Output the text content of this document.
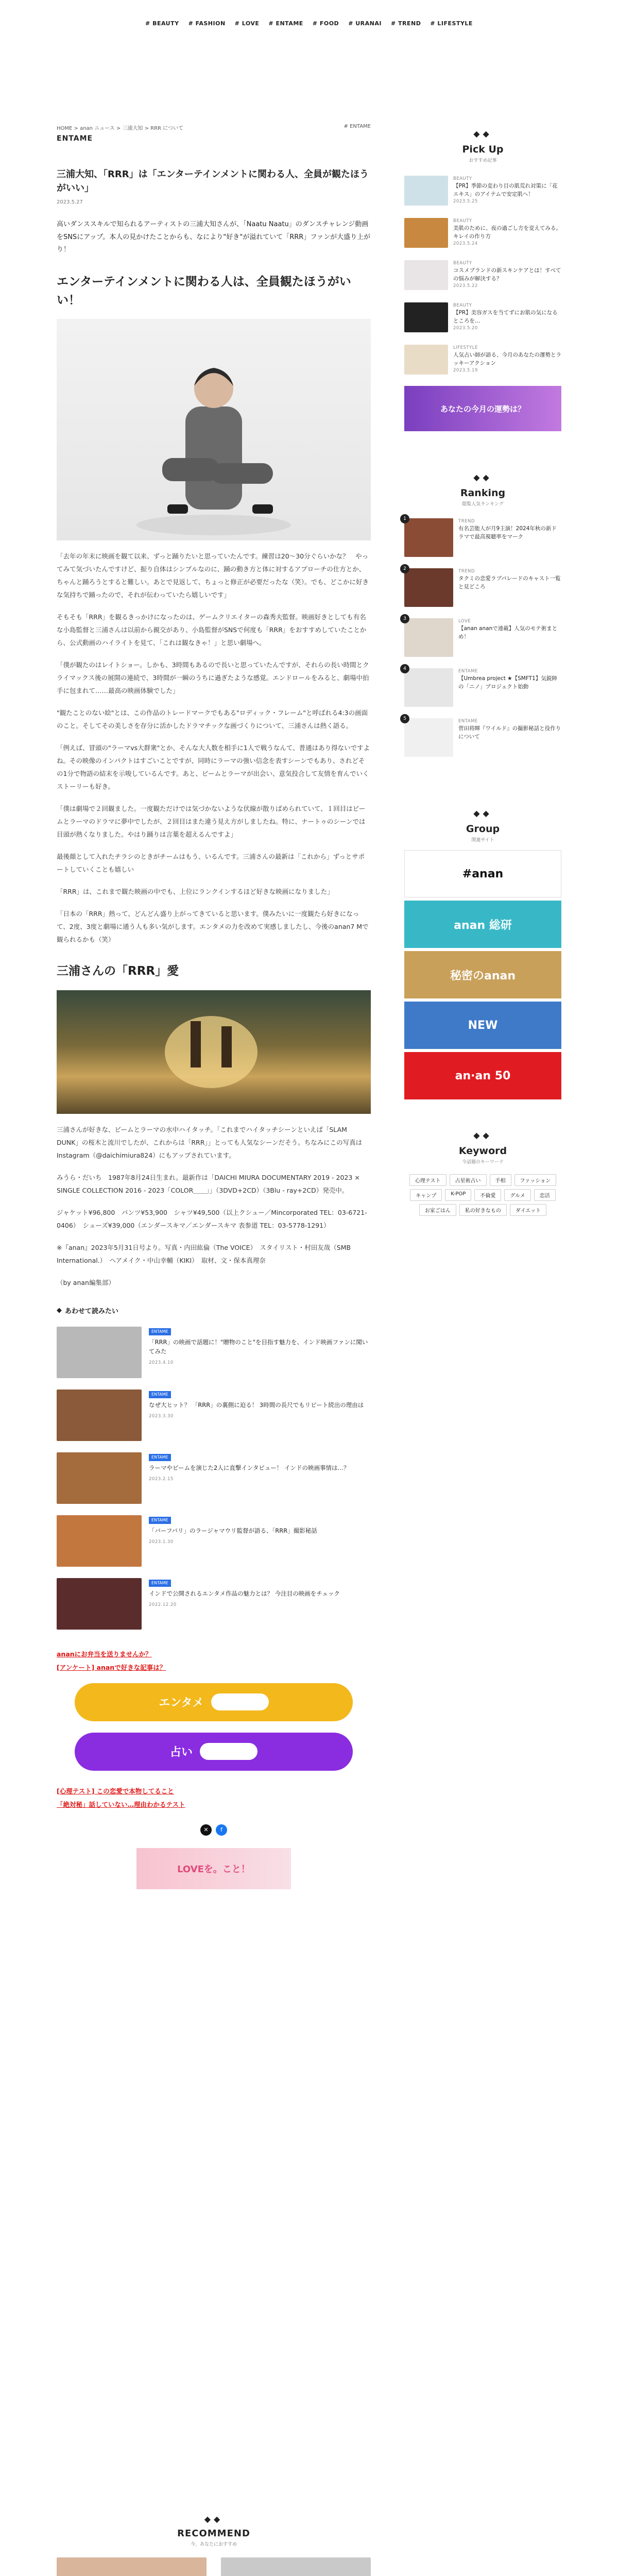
# BEAUTY # FASHION # LOVE # ENTAME # FOOD # URANAI # TREND # LIFESTYLE
HOME > anan ニュース > 三浦大知 > RRR について	# ENTAME
ENTAME
三浦大知、「RRR」は「エンターテインメントに関わる人、全員が観たほうがいい」
2023.5.27

高いダンススキルで知られるアーティストの三浦大知さんが、「Naatu Naatu」のダンスチャレンジ動画をSNSにアップ。本人の見かけたことからも、なにより"好き"が溢れていて「RRR」ファンが大盛り上がり！

エンターテインメントに関わる人は、全員観たほうがいい！

「去年の年末に映画を観て以来、ずっと踊りたいと思っていたんです。練習は20〜30分ぐらいかな？　やってみて気づいたんですけど、振り自体はシンプルなのに、踊の動き方と体に対するアプローチの仕方とか、ちゃんと踊ろうとすると難しい。あとで見返して、ちょっと修正が必要だったな（笑）。でも、どこかに好きな気持ちで踊ったので、それが伝わっていたら嬉しいです」

そもそも「RRR」を観るきっかけになったのは、ゲームクリエイターの森秀夫監督。映画好きとしても有名な小島監督と三浦さんは以前から親交があり、小島監督がSNSで何度も「RRR」をおすすめしていたことから、公式動画のハイライトを見て、「これは観なきゃ！」と思い劇場へ。

「僕が観たのはレイトショー。しかも、3時間もあるので長いと思っていたんですが、それらの長い時間とクライマックス後の展開の連続で、3時間が一瞬のうちに過ぎたような感覚。エンドロールをみると、劇場中拍手に包まれて……最高の映画体験でした」

"観たことのない絵"とは、この作品のトレードマークでもある"ロディック・フレーム"と呼ばれる4:3の画面のこと。そしてその美しさを存分に活かしたドラマチックな画づくりについて、三浦さんは熱く語る。

「例えば、冒頭の"ラーマvs大群衆"とか、そんな大人数を相手に1人で戦うなんて、普通はあり得ないですよね。その映像のインパクトはすごいことですが、同時にラーマの強い信念を表すシーンでもあり、されどその1分で物語の結末を示唆しているんです。あと、ビームとラーマが出会い、意気投合して友情を育んでいくストーリーも好き。

「僕は劇場で２回観ました。一度観ただけでは気づかないような伏線が散りばめられていて、１回目はビームとラーマのドラマに夢中でしたが、２回目はまた違う見え方がしましたね。特に、ナートゥのシーンでは目頭が熱くなりました。やはり踊りは言葉を超えるんですよ」

最後顔として入れたチラシのときがチームはもう、いるんです。三浦さんの最新は「これから」ずっとサポートしていくことも嬉しい

「RRR」は、これまで観た映画の中でも、上位にランクインするほど好きな映画になりました」

「日本の「RRR」熱って、どんどん盛り上がってきていると思います。僕みたいに一度観たら好きになって、2度、3度と劇場に通う人も多い気がします。エンタメの力を改めて実感しましたし、今後のanan7 Mで観られるかも（笑）

三浦さんの「RRR」愛

三浦さんが好きな、ビームとラーマの水中ハイタッチ。「これまでハイタッチシーンといえば「SLAM DUNK」の桜木と流川でしたが、これからは「RRR」」とっても人気なシーンだそう。ちなみにこの写真はInstagram（@daichimiura824）にもアップされています。

みうら・だいち　1987年8月24日生まれ。最新作は「DAICHI MIURA DOCUMENTARY 2019 - 2023 × SINGLE COLLECTION 2016 - 2023「COLOR＿＿」」（3DVD+2CD）（3Blu - ray+2CD）発売中。

ジャケット¥96,800　パンツ¥53,900　シャツ¥49,500（以上クシュー／Mincorporated TEL：03-6721-0406）　シューズ¥39,000（エンダースキマ／エンダースキマ 表参道 TEL：03-5778-1291）

※『anan』2023年5月31日号より。写真・内田紘倫（The VOICE）　スタイリスト・村田友哉（SMB International.）　ヘアメイク・中山幸輔（KIKI）　取材、文・保本真理奈

（by anan編集部）

◆ あわせて読みたい
ENTAME
「RRR」の映画で話題に！"贈物のこと"を目指す魅力を、インド映画ファンに聞いてみた
2023.4.10
ENTAME
なぜ大ヒット？ 「RRR」の裏側に迫る！ 3時間の長尺でもリピート続出の理由は
2023.3.30
ENTAME
ラーマやビームを演じた2人に直撃インタビュー！ インドの映画事情は…？
2023.2.15
ENTAME
「バーフバリ」のラージャマウリ監督が語る、「RRR」撮影秘話
2023.1.30
ENTAME
インドで公開されるエンタメ作品の魅力とは？ 今注目の映画をチェック
2022.12.20
ananにお弁当を送りませんか？
[アンケート] ananで好きな記事は？
エンタメ	の記事を読む
占い	の記事を読む
[心理テスト] この恋愛で本物してること
「絶対秘」話していない…理由わかるテスト
✕	f
LOVEを。こと！
◆◆
Pick Up
おすすめ記事
BEAUTY
【PR】季節の変わり目の肌荒れ対策に「花エキス」のアイテムで安定肌へ！
2023.5.25
BEAUTY
美肌のために、夜の過ごし方を変えてみる。キレイの作り方
2023.5.24
BEAUTY
コスメブランドの新スキンケアとは！すべての悩みが解決する？
2023.5.22
BEAUTY
【PR】美容ガスを当てずにお肌の気になるところを…
2023.5.20
LIFESTYLE
人気占い師が語る、今月のあなたの運勢とラッキーアクション
2023.5.19
あなたの今月の運勢は？
◆◆
Ranking
閲覧人気ランキング
1	TREND
有名芸能人が月9主演！2024年秋の新ドラマで最高視聴率をマーク
2	TREND
タクミの恋愛ラブパレードのキャスト一覧と見どころ
3	LOVE
【anan ananで連載】人気のモテ術まとめ！
4	ENTAME
【Umbrea project ★【SMFT1】気鋭陣の「ニノ」プロジェクト始動
5	ENTAME
菅田将暉『ワイルド』の撮影秘話と役作りについて
◆◆
Group
関連サイト
#anan
anan 総研
秘密のanan
NEW
an·an 50
◆◆
Keyword
今話題のキーワード
心理テスト	占星術占い	手相	ファッション
キャンプ	K-POP	不倫愛	グルメ	恋活
お家ごはん	私の好きなもの	ダイエット
◆◆
RECOMMEND
今、あなたにおすすめ
